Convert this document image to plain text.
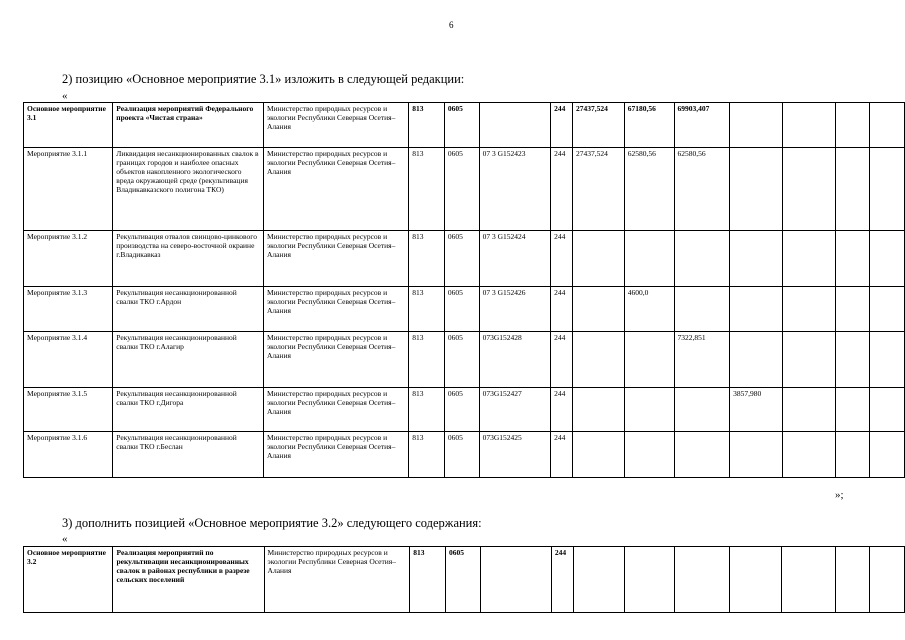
6
2) позицию «Основное мероприятие 3.1» изложить в следующей редакции:
«
Основное мероприятие 3.1	Реализация мероприятий Федерального проекта «Чистая страна»	Министерство природных ресурсов и экологии Республики Северная Осетия–Алания	813	0605		244	27437,524	67180,56	69903,407				
Мероприятие 3.1.1	Ликвидация несанкционированных свалок в границах городов и наиболее опасных объектов накопленного экологического вреда окружающей среде (рекультивация Владикавказского полигона ТКО)	Министерство природных ресурсов и экологии Республики Северная Осетия–Алания	813	0605	07 3 G152423	244	27437,524	62580,56	62580,56				
Мероприятие 3.1.2	Рекультивация отвалов свинцово-цинкового производства на северо-восточной окраине г.Владикавказ	Министерство природных ресурсов и экологии Республики Северная Осетия–Алания	813	0605	07 3 G152424	244							
Мероприятие 3.1.3	Рекультивация несанкционированной свалки ТКО г.Ардон	Министерство природных ресурсов и экологии Республики Северная Осетия–Алания	813	0605	07 3 G152426	244		4600,0					
Мероприятие 3.1.4	Рекультивация несанкционированной свалки ТКО г.Алагир	Министерство природных ресурсов и экологии Республики Северная Осетия–Алания	813	0605	073G152428	244			7322,851				
Мероприятие 3.1.5	Рекультивация несанкционированной свалки ТКО г.Дигора	Министерство природных ресурсов и экологии Республики Северная Осетия–Алания	813	0605	073G152427	244				3857,980			
Мероприятие 3.1.6	Рекультивация несанкционированной свалки ТКО г.Беслан	Министерство природных ресурсов и экологии Республики Северная Осетия–Алания	813	0605	073G152425	244							
»;
3) дополнить позицией «Основное мероприятие 3.2» следующего содержания:
«
Основное мероприятие 3.2	Реализация мероприятий по рекультивации несанкционированных свалок в районах республики в разрезе сельских поселений	Министерство природных ресурсов и экологии Республики Северная Осетия– Алания	813	0605		244							
